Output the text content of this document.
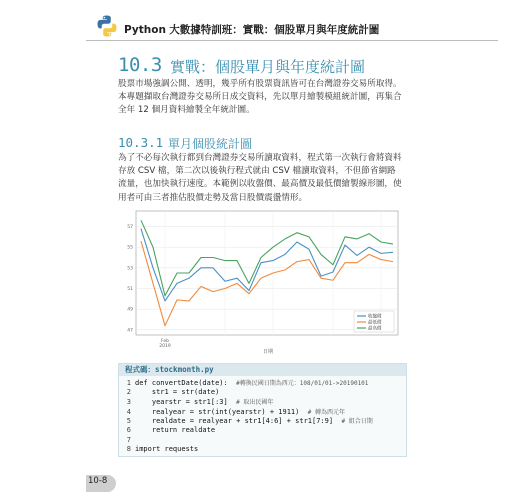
Python 大數據特訓班：實戰：個股單月與年度統計圖
10.3 實戰：個股單月與年度統計圖

股票市場強調公開、透明，幾乎所有股票資訊皆可在台灣證券交易所取得。本專題擷取台灣證券交易所日成交資料，先以單月繪製模組統計圖，再集合全年 12 個月資料繪製全年統計圖。

10.3.1 單月個股統計圖

為了不必每次執行都到台灣證券交易所讀取資料，程式第一次執行會將資料存放 CSV 檔，第二次以後執行程式就由 CSV 檔讀取資料，不但節省網路流量，也加快執行速度。本範例以收盤價、最高價及最低價繪製線形圖，使用者可由三者推估股價走勢及當日股價震盪情形。

57
55
53
51
49
47
Feb
2019
日期
收盤價
最低價
最高價
程式碼：stockmonth.py
1 def convertDate(date):  #轉換民國日期為西元：108/01/01->20190101
2    str1 = str(date)
3    yearstr = str1[:3]  # 取出民國年
4    realyear = str(int(yearstr) + 1911)  # 轉為西元年
5    realdate = realyear + str1[4:6] + str1[7:9]  # 組合日期
6    return realdate
7
8 import requests
10-8
